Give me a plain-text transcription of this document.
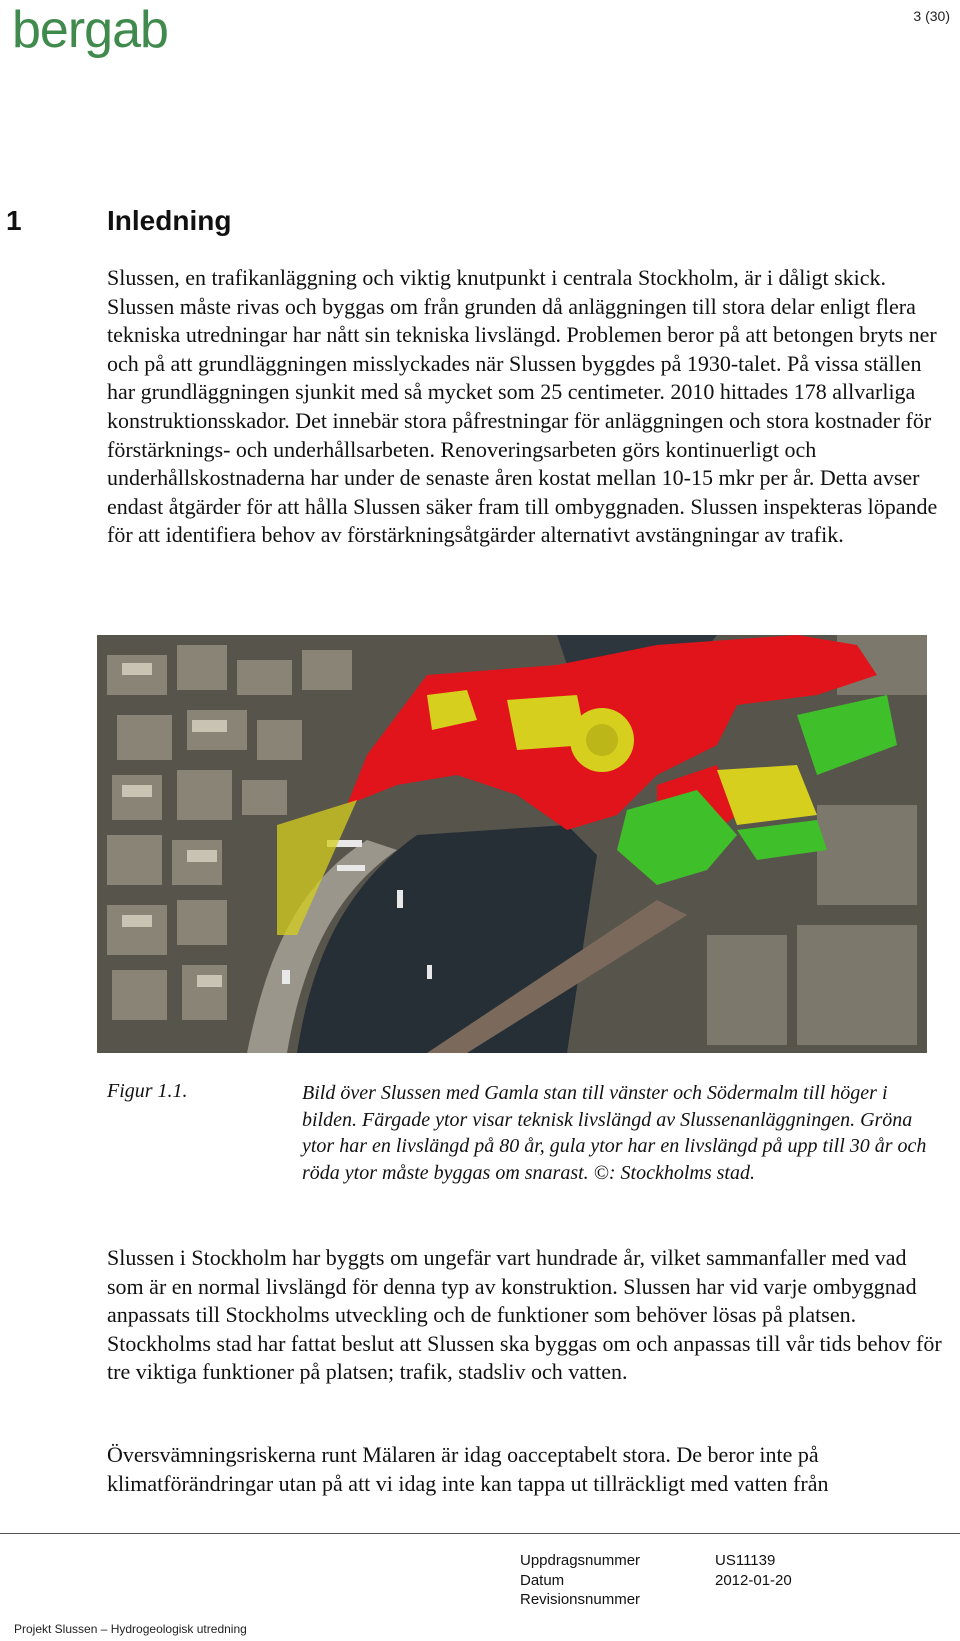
bergab	3 (30)
1	Inledning

Slussen, en trafikanläggning och viktig knutpunkt i centrala Stockholm, är i dåligt skick. Slussen måste rivas och byggas om från grunden då anläggningen till stora delar enligt flera tekniska utredningar har nått sin tekniska livslängd. Problemen beror på att betongen bryts ner och på att grundläggningen misslyckades när Slussen byggdes på 1930-talet. På vissa ställen har grundläggningen sjunkit med så mycket som 25 centimeter. 2010 hittades 178 allvarliga konstruktionsskador. Det innebär stora påfrestningar för anläggningen och stora kostnader för förstärknings- och underhållsarbeten. Renoveringsarbeten görs kontinuerligt och underhållskostnaderna har under de senaste åren kostat mellan 10-15 mkr per år. Detta avser endast åtgärder för att hålla Slussen säker fram till ombyggnaden. Slussen inspekteras löpande för att identifiera behov av förstärkningsåtgärder alternativt avstängningar av trafik.

Figur 1.1.	Bild över Slussen med Gamla stan till vänster och Södermalm till höger i bilden. Färgade ytor visar teknisk livslängd av Slussenanläggningen. Gröna ytor har en livslängd på 80 år, gula ytor har en livslängd på upp till 30 år och röda ytor måste byggas om snarast. ©: Stockholms stad.

Slussen i Stockholm har byggts om ungefär vart hundrade år, vilket sammanfaller med vad som är en normal livslängd för denna typ av konstruktion. Slussen har vid varje ombyggnad anpassats till Stockholms utveckling och de funktioner som behöver lösas på platsen. Stockholms stad har fattat beslut att Slussen ska byggas om och anpassas till vår tids behov för tre viktiga funktioner på platsen; trafik, stadsliv och vatten.

Översvämningsriskerna runt Mälaren är idag oacceptabelt stora. De beror inte på klimatförändringar utan på att vi idag inte kan tappa ut tillräckligt med vatten från

Uppdragsnummer	US11139
Datum	2012-01-20
Revisionsnummer
Projekt Slussen – Hydrogeologisk utredning
